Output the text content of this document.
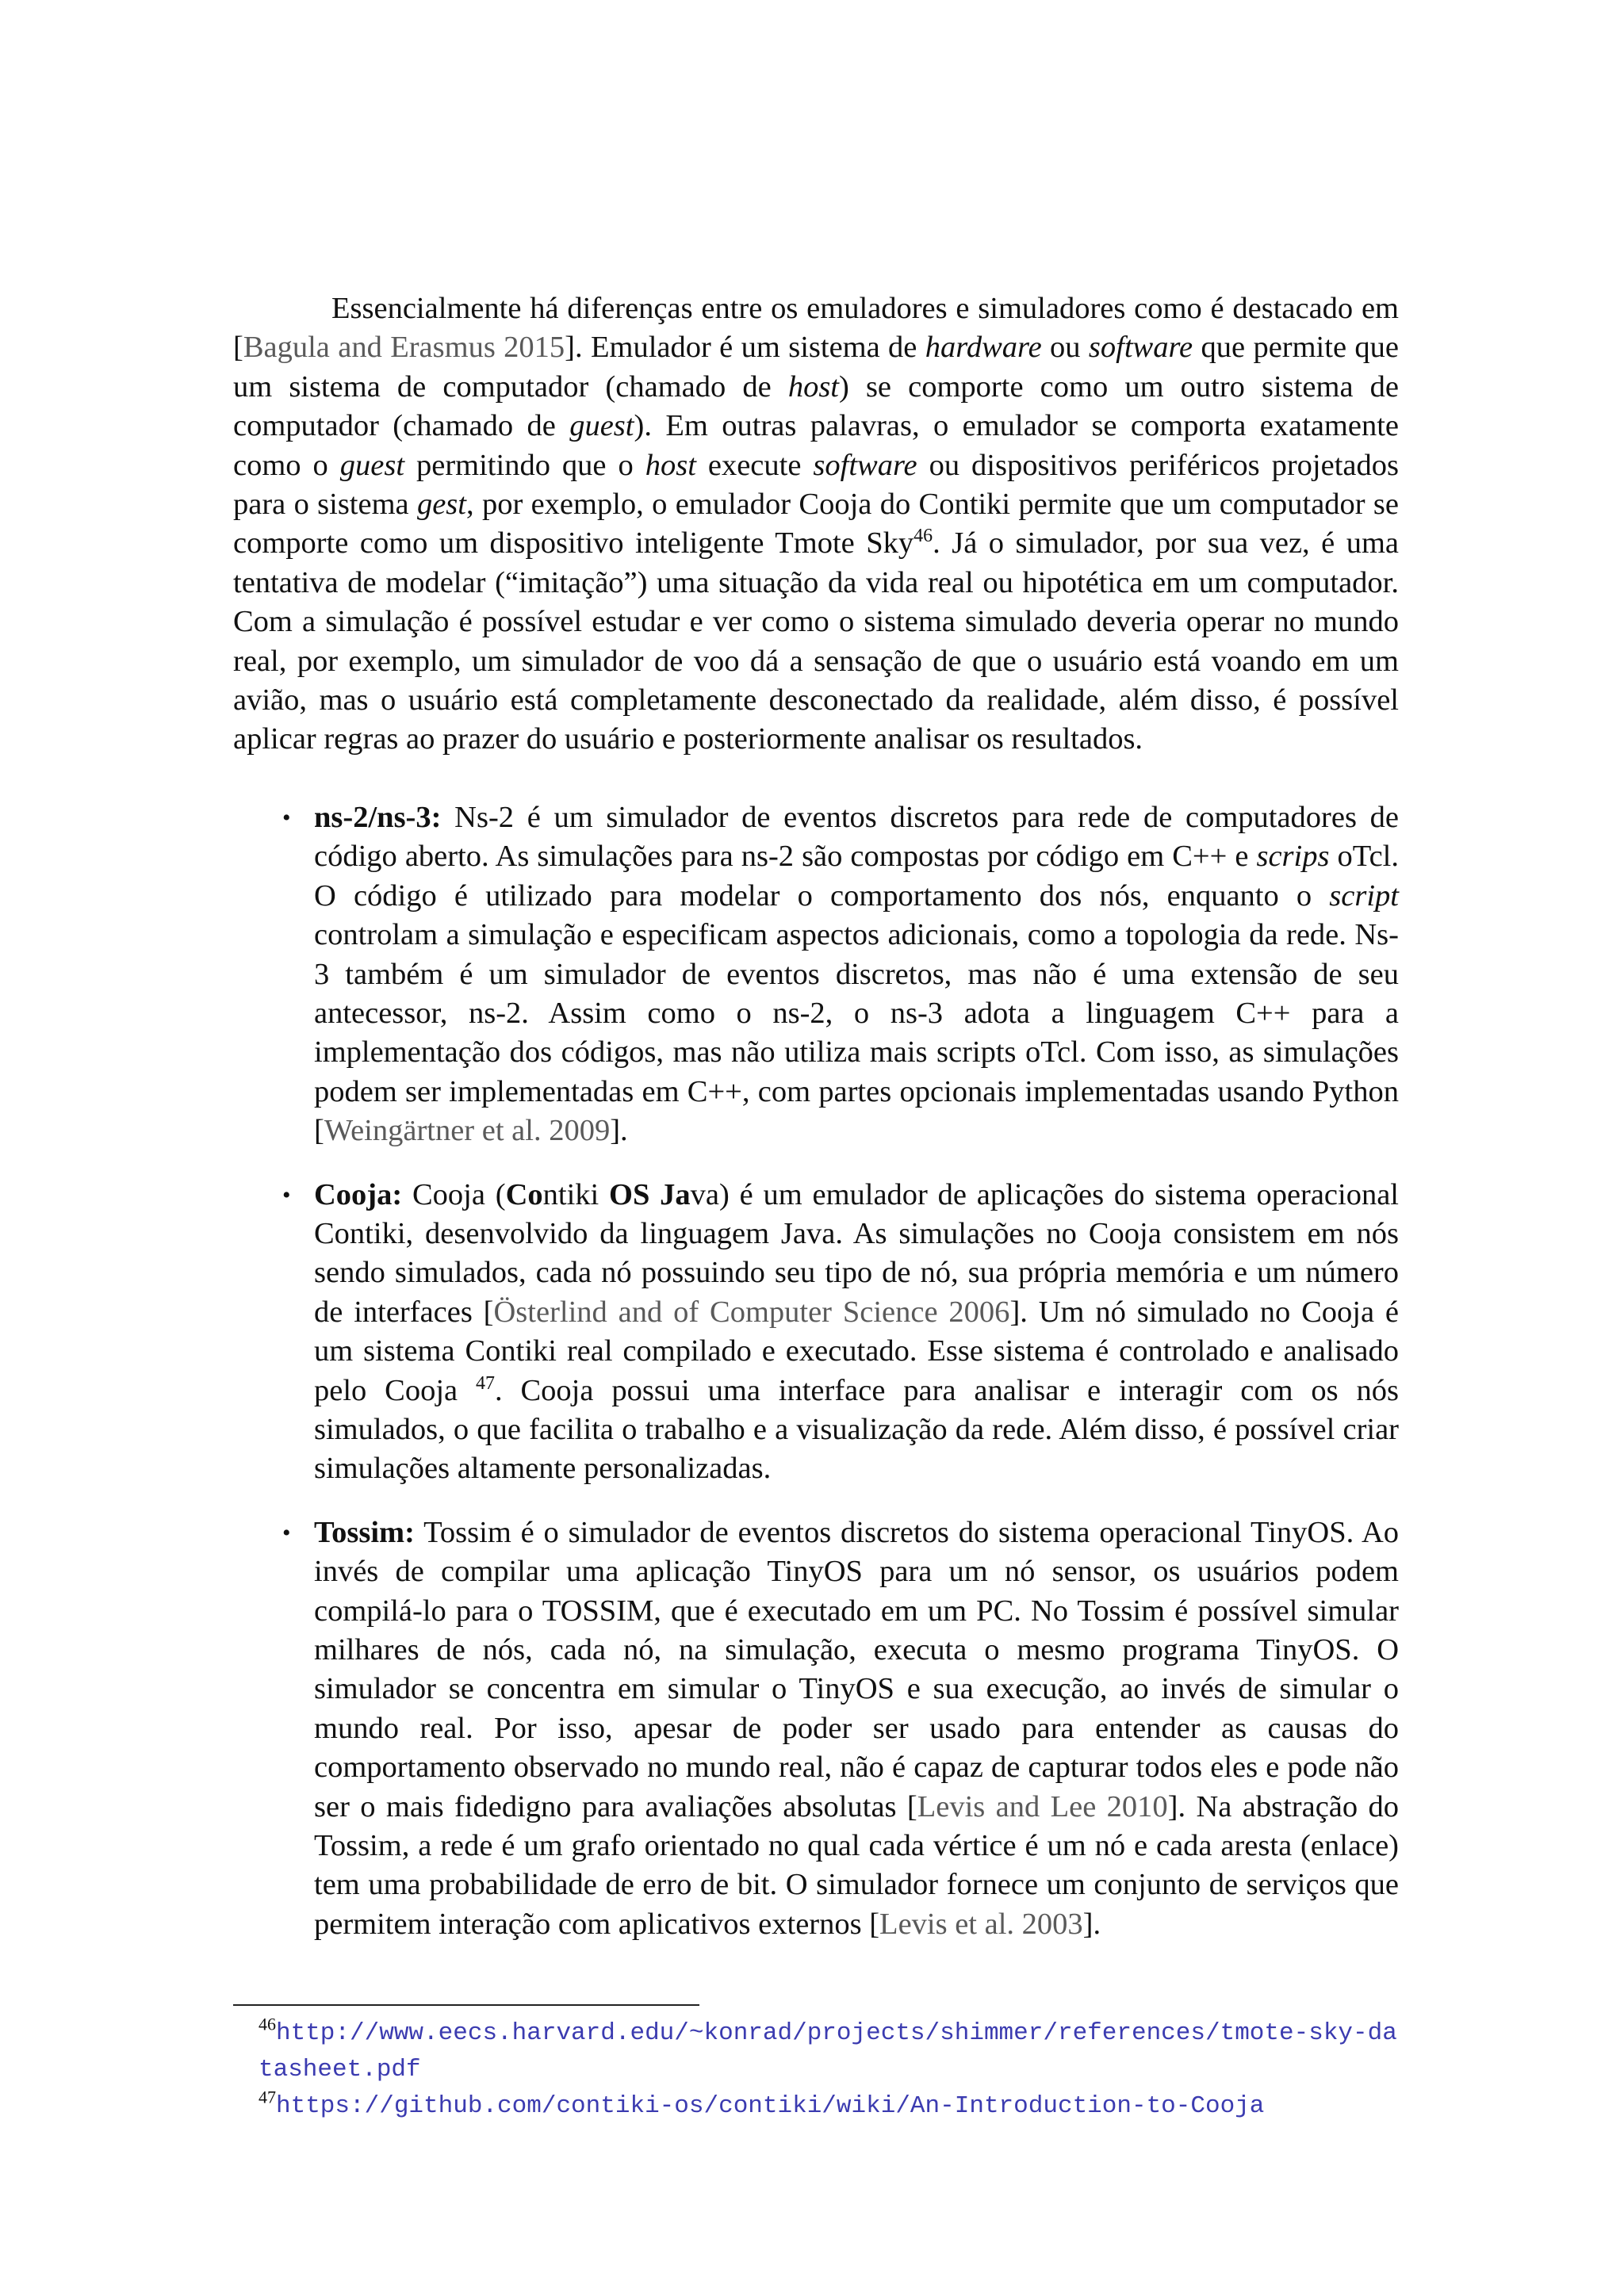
Essencialmente há diferenças entre os emuladores e simuladores como é destacado em [Bagula and Erasmus 2015]. Emulador é um sistema de hardware ou software que permite que um sistema de computador (chamado de host) se comporte como um outro sistema de computador (chamado de guest). Em outras palavras, o emulador se comporta exatamente como o guest permitindo que o host execute software ou dispositivos periféricos projetados para o sistema gest, por exemplo, o emulador Cooja do Contiki permite que um computador se comporte como um dispositivo inteligente Tmote Sky$^{46}$. Já o simulador, por sua vez, é uma tentativa de modelar (“imitação”) uma situação da vida real ou hipotética em um computador. Com a simulação é possível estudar e ver como o sistema simulado deveria operar no mundo real, por exemplo, um simulador de voo dá a sensação de que o usuário está voando em um avião, mas o usuário está completamente desconectado da realidade, além disso, é possível aplicar regras ao prazer do usuário e posteriormente analisar os resultados.

• ns-2/ns-3: Ns-2 é um simulador de eventos discretos para rede de computadores de código aberto. As simulações para ns-2 são compostas por código em C++ e scrips oTcl. O código é utilizado para modelar o comportamento dos nós, enquanto o script controlam a simulação e especificam aspectos adicionais, como a topologia da rede. Ns-3 também é um simulador de eventos discretos, mas não é uma extensão de seu antecessor, ns-2. Assim como o ns-2, o ns-3 adota a linguagem C++ para a implementação dos códigos, mas não utiliza mais scripts oTcl. Com isso, as simulações podem ser implementadas em C++, com partes opcionais implementadas usando Python [Weingärtner et al. 2009].
• Cooja: Cooja (Contiki OS Java) é um emulador de aplicações do sistema operacional Contiki, desenvolvido da linguagem Java. As simulações no Cooja consistem em nós sendo simulados, cada nó possuindo seu tipo de nó, sua própria memória e um número de interfaces [Österlind and of Computer Science 2006]. Um nó simulado no Cooja é um sistema Contiki real compilado e executado. Esse sistema é controlado e analisado pelo Cooja $^{47}$. Cooja possui uma interface para analisar e interagir com os nós simulados, o que facilita o trabalho e a visualização da rede. Além disso, é possível criar simulações altamente personalizadas.
• Tossim: Tossim é o simulador de eventos discretos do sistema operacional TinyOS. Ao invés de compilar uma aplicação TinyOS para um nó sensor, os usuários podem compilá-lo para o TOSSIM, que é executado em um PC. No Tossim é possível simular milhares de nós, cada nó, na simulação, executa o mesmo programa TinyOS. O simulador se concentra em simular o TinyOS e sua execução, ao invés de simular o mundo real. Por isso, apesar de poder ser usado para entender as causas do comportamento observado no mundo real, não é capaz de capturar todos eles e pode não ser o mais fidedigno para avaliações absolutas [Levis and Lee 2010]. Na abstração do Tossim, a rede é um grafo orientado no qual cada vértice é um nó e cada aresta (enlace) tem uma probabilidade de erro de bit. O simulador fornece um conjunto de serviços que permitem interação com aplicativos externos [Levis et al. 2003].

$^{46}$http://www.eecs.harvard.edu/~konrad/projects/shimmer/references/tmote-sky-datasheet.pdf

$^{47}$https://github.com/contiki-os/contiki/wiki/An-Introduction-to-Cooja
